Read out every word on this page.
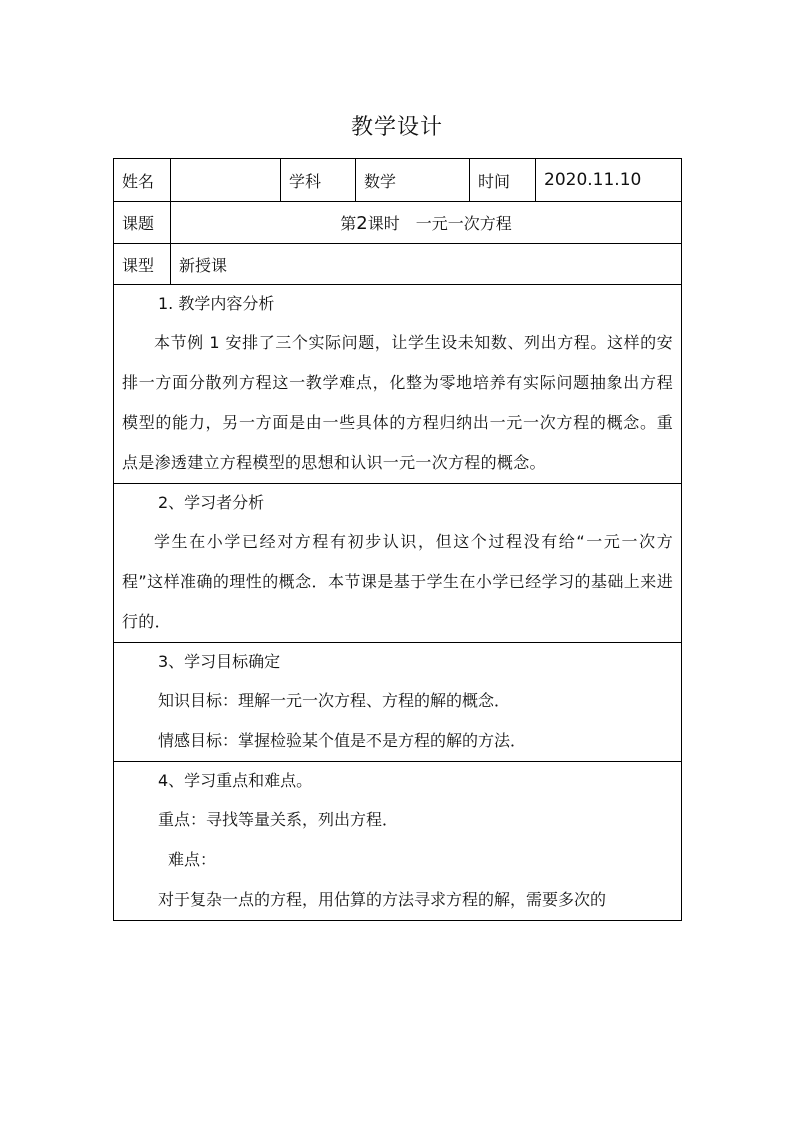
教学设计
姓名		学科	数学	时间	2020.11.10
课题	第2课时　一元一次方程				
课型	新授课				

1. 教学内容分析
本节例 1 安排了三个实际问题，让学生设未知数、列出方程。这样的安排一方面分散列方程这一教学难点，化整为零地培养有实际问题抽象出方程模型的能力，另一方面是由一些具体的方程归纳出一元一次方程的概念。重点是渗透建立方程模型的思想和认识一元一次方程的概念。					

2、学习者分析
学生在小学已经对方程有初步认识，但这个过程没有给“一元一次方程”这样准确的理性的概念．本节课是基于学生在小学已经学习的基础上来进行的．					

3、学习目标确定
知识目标：理解一元一次方程、方程的解的概念．
情感目标：掌握检验某个值是不是方程的解的方法．					

4、学习重点和难点。
重点：寻找等量关系，列出方程．
难点：
对于复杂一点的方程，用估算的方法寻求方程的解，需要多次的					
